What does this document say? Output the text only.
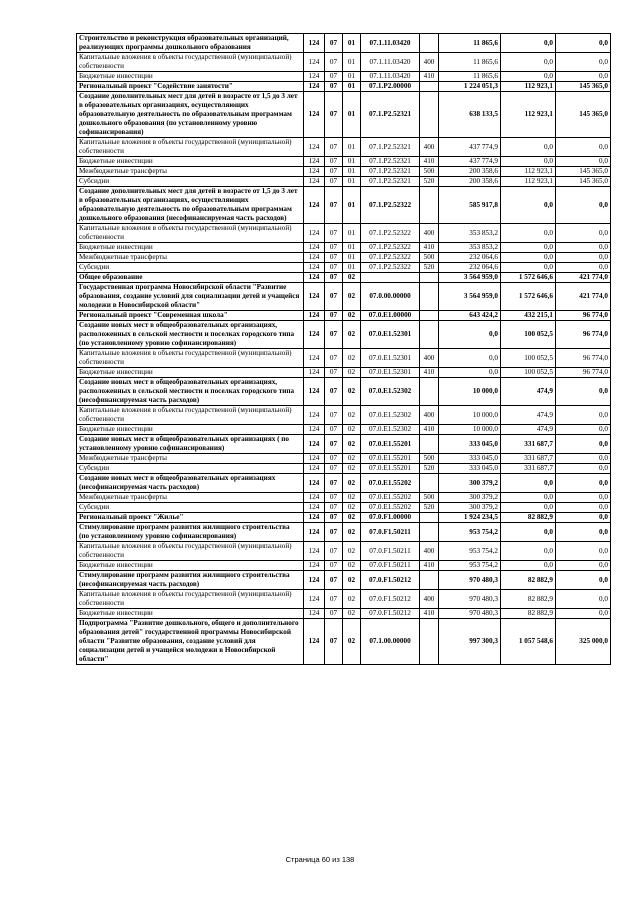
Строительство и реконструкция образовательных организаций, реализующих программы дошкольного образования	124	07	01	07.1.11.03420		11 865,6	0,0	0,0
Капитальные вложения в объекты государственной (муниципальной) собственности	124	07	01	07.1.11.03420	400	11 865,6	0,0	0,0
Бюджетные инвестиции	124	07	01	07.1.11.03420	410	11 865,6	0,0	0,0
Региональный проект "Содействие занятости"	124	07	01	07.1.P2.00000		1 224 051,3	112 923,1	145 365,0
Создание дополнительных мест для детей в возрасте от 1,5 до 3 лет в образовательных организациях, осуществляющих образовательную деятельность по образовательным программам дошкольного образования (по установленному уровню софинансирования)	124	07	01	07.1.P2.52321		638 133,5	112 923,1	145 365,0
Капитальные вложения в объекты государственной (муниципальной) собственности	124	07	01	07.1.P2.52321	400	437 774,9	0,0	0,0
Бюджетные инвестиции	124	07	01	07.1.P2.52321	410	437 774,9	0,0	0,0
Межбюджетные трансферты	124	07	01	07.1.P2.52321	500	200 358,6	112 923,1	145 365,0
Субсидии	124	07	01	07.1.P2.52321	520	200 358,6	112 923,1	145 365,0
Создание дополнительных мест для детей в возрасте от 1,5 до 3 лет в образовательных организациях, осуществляющих образовательную деятельность по образовательным программам дошкольного образования (несофинансируемая часть расходов)	124	07	01	07.1.P2.52322		585 917,8	0,0	0,0
Капитальные вложения в объекты государственной (муниципальной) собственности	124	07	01	07.1.P2.52322	400	353 853,2	0,0	0,0
Бюджетные инвестиции	124	07	01	07.1.P2.52322	410	353 853,2	0,0	0,0
Межбюджетные трансферты	124	07	01	07.1.P2.52322	500	232 064,6	0,0	0,0
Субсидии	124	07	01	07.1.P2.52322	520	232 064,6	0,0	0,0
Общее образование	124	07	02			3 564 959,0	1 572 646,6	421 774,0
Государственная программа Новосибирской области "Развитие образования, создание условий для социализации детей и учащейся молодежи в Новосибирской области"	124	07	02	07.0.00.00000		3 564 959,0	1 572 646,6	421 774,0
Региональный проект "Современная школа"	124	07	02	07.0.E1.00000		643 424,2	432 215,1	96 774,0
Создание новых мест в общеобразовательных организациях, расположенных в сельской местности и поселках городского типа (по установленному уровню софинансирования)	124	07	02	07.0.E1.52301		0,0	100 052,5	96 774,0
Капитальные вложения в объекты государственной (муниципальной) собственности	124	07	02	07.0.E1.52301	400	0,0	100 052,5	96 774,0
Бюджетные инвестиции	124	07	02	07.0.E1.52301	410	0,0	100 052,5	96 774,0
Создание новых мест в общеобразовательных организациях, расположенных в сельской местности и поселках городского типа (несофинансируемая часть расходов)	124	07	02	07.0.E1.52302		10 000,0	474,9	0,0
Капитальные вложения в объекты государственной (муниципальной) собственности	124	07	02	07.0.E1.52302	400	10 000,0	474,9	0,0
Бюджетные инвестиции	124	07	02	07.0.E1.52302	410	10 000,0	474,9	0,0
Создание новых мест в общеобразовательных организациях ( по установленному уровню софинансирования)	124	07	02	07.0.E1.55201		333 045,0	331 687,7	0,0
Межбюджетные трансферты	124	07	02	07.0.E1.55201	500	333 045,0	331 687,7	0,0
Субсидии	124	07	02	07.0.E1.55201	520	333 045,0	331 687,7	0,0
Создание новых мест в общеобразовательных организациях (несофинансируемая часть расходов)	124	07	02	07.0.E1.55202		300 379,2	0,0	0,0
Межбюджетные трансферты	124	07	02	07.0.E1.55202	500	300 379,2	0,0	0,0
Субсидии	124	07	02	07.0.E1.55202	520	300 379,2	0,0	0,0
Региональный проект "Жилье"	124	07	02	07.0.F1.00000		1 924 234,5	82 882,9	0,0
Стимулирование программ развития жилищного строительства (по установленному уровню софинансирования)	124	07	02	07.0.F1.50211		953 754,2	0,0	0,0
Капитальные вложения в объекты государственной (муниципальной) собственности	124	07	02	07.0.F1.50211	400	953 754,2	0,0	0,0
Бюджетные инвестиции	124	07	02	07.0.F1.50211	410	953 754,2	0,0	0,0
Стимулирование программ развития жилищного строительства (несофинансируемая часть расходов)	124	07	02	07.0.F1.50212		970 480,3	82 882,9	0,0
Капитальные вложения в объекты государственной (муниципальной) собственности	124	07	02	07.0.F1.50212	400	970 480,3	82 882,9	0,0
Бюджетные инвестиции	124	07	02	07.0.F1.50212	410	970 480,3	82 882,9	0,0
Подпрограмма "Развитие дошкольного, общего и дополнительного образования детей" государственной программы Новосибирской области "Развитие образования, создание условий для социализации детей и учащейся молодежи в Новосибирской области"	124	07	02	07.1.00.00000		997 300,3	1 057 548,6	325 000,0
Страница 60 из 138
